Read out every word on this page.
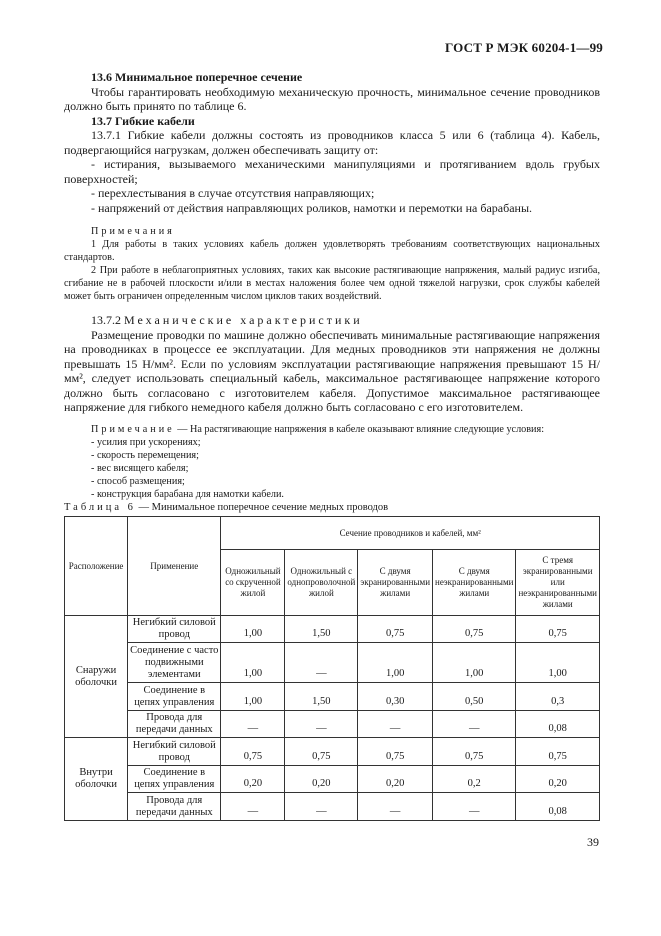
ГОСТ Р МЭК 60204-1—99

13.6 Минимальное поперечное сечение

Чтобы гарантировать необходимую механическую прочность, минимальное сечение проводников должно быть принято по таблице 6.

13.7 Гибкие кабели

13.7.1 Гибкие кабели должны состоять из проводников класса 5 или 6 (таблица 4). Кабель, подвергающийся нагрузкам, должен обеспечивать защиту от:

- истирания, вызываемого механическими манипуляциями и протягиванием вдоль грубых поверхностей;

- перехлестывания в случае отсутствия направляющих;

- напряжений от действия направляющих роликов, намотки и перемотки на барабаны.

Примечания

1 Для работы в таких условиях кабель должен удовлетворять требованиям соответствующих национальных стандартов.

2 При работе в неблагоприятных условиях, таких как высокие растягивающие напряжения, малый радиус изгиба, сгибание не в рабочей плоскости и/или в местах наложения более чем одной тяжелой нагрузки, срок службы кабелей может быть ограничен определенным числом циклов таких воздействий.

13.7.2 Механические характеристики

Размещение проводки по машине должно обеспечивать минимальные растягивающие напряжения на проводниках в процессе ее эксплуатации. Для медных проводников эти напряжения не должны превышать 15 Н/мм². Если по условиям эксплуатации растягивающие напряжения превышают 15 Н/мм², следует использовать специальный кабель, максимальное растягивающее напряжение которого должно быть согласовано с изготовителем кабеля. Допустимое максимальное растягивающее напряжение для гибкого немедного кабеля должно быть согласовано с его изготовителем.

Примечание — На растягивающие напряжения в кабеле оказывают влияние следующие условия:

- усилия при ускорениях;

- скорость перемещения;

- вес висящего кабеля;

- способ размещения;

- конструкция барабана для намотки кабели.

Таблица 6 — Минимальное поперечное сечение медных проводов

Расположение	Применение	Сечение проводников и кабелей, мм²				
		Одножильный со скрученной жилой	Одножильный с однопроволочной жилой	С двумя экранированными жилами	С двумя неэкранированными жилами	С тремя экранированными или неэкранированными жилами
Снаружи оболочки	Негибкий силовой провод	1,00	1,50	0,75	0,75	0,75
	Соединение с часто подвижными элементами	1,00	—	1,00	1,00	1,00
	Соединение в цепях управления	1,00	1,50	0,30	0,50	0,3
	Провода для передачи данных	—	—	—	—	0,08
Внутри оболочки	Негибкий силовой провод	0,75	0,75	0,75	0,75	0,75
	Соединение в цепях управления	0,20	0,20	0,20	0,2	0,20
	Провода для передачи данных	—	—	—	—	0,08
39
